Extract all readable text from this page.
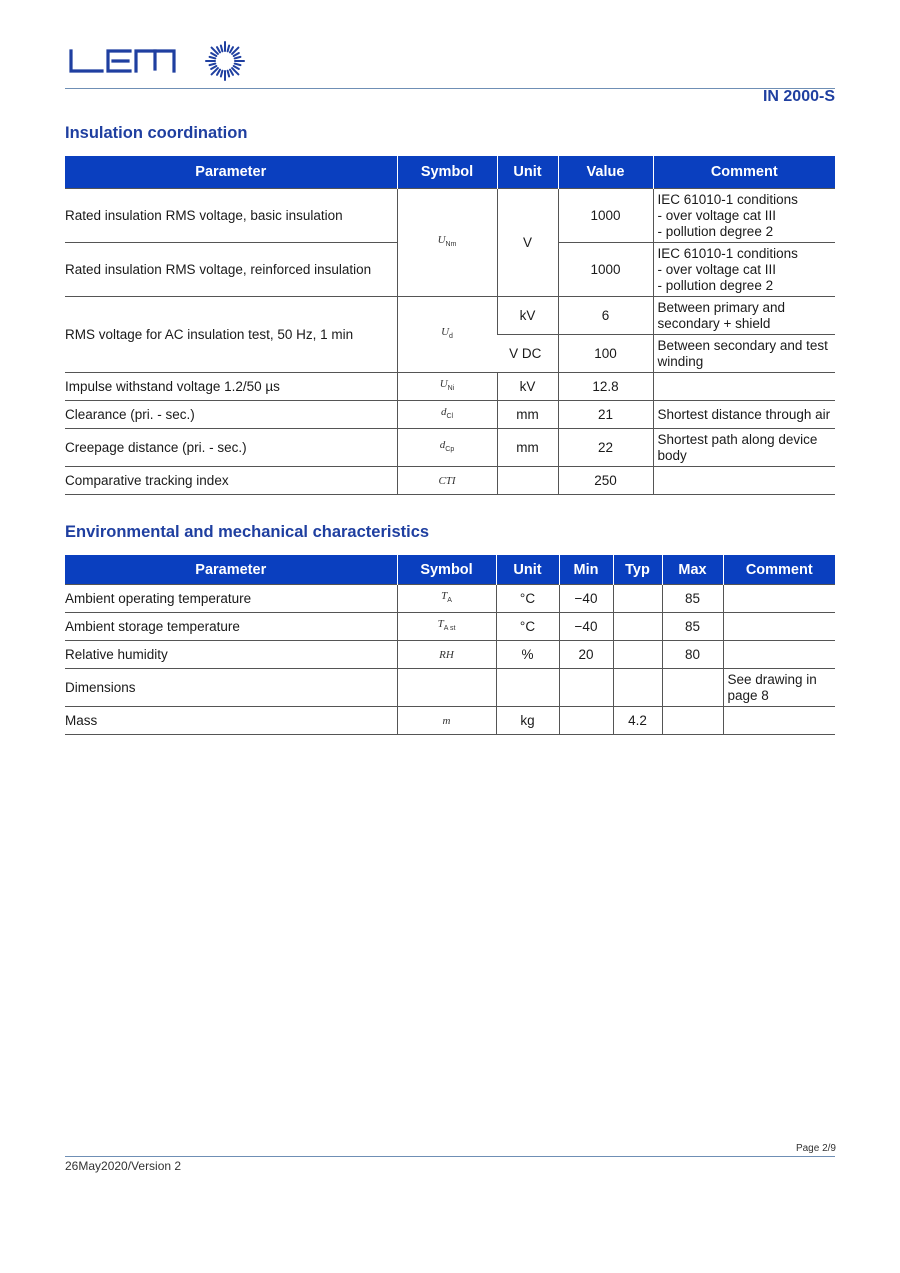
IN 2000-S
Insulation coordination
Parameter	Symbol	Unit	Value	Comment
Rated insulation RMS voltage, basic insulation	$U_{Nm}$	V	1000	IEC 61010-1 conditions
- over voltage cat III
- pollution degree 2

Rated insulation RMS voltage, reinforced insulation			1000	IEC 61010-1 conditions
- over voltage cat III
- pollution degree 2

RMS voltage for AC insulation test, 50 Hz, 1 min	$U_d$	kV	6	Between primary and
secondary + shield

		V DC	100	Between secondary and test
winding

Impulse withstand voltage 1.2/50 µs	$U_{Ni}$	kV	12.8	
Clearance (pri. - sec.)	$d_{Cl}$	mm	21	Shortest distance through air
Creepage distance (pri. - sec.)	$d_{Cp}$	mm	22	Shortest path along device
body

Comparative tracking index	CTI		250	
Environmental and mechanical characteristics
Parameter	Symbol	Unit	Min	Typ	Max	Comment
Ambient operating temperature	$T_A$	°C	−40		85	
Ambient storage temperature	$T_{A st}$	°C	−40		85	
Relative humidity	RH	%	20		80	
Dimensions						See drawing in page 8
Mass	m	kg		4.2		
Page 2/9
26May2020/Version 2
